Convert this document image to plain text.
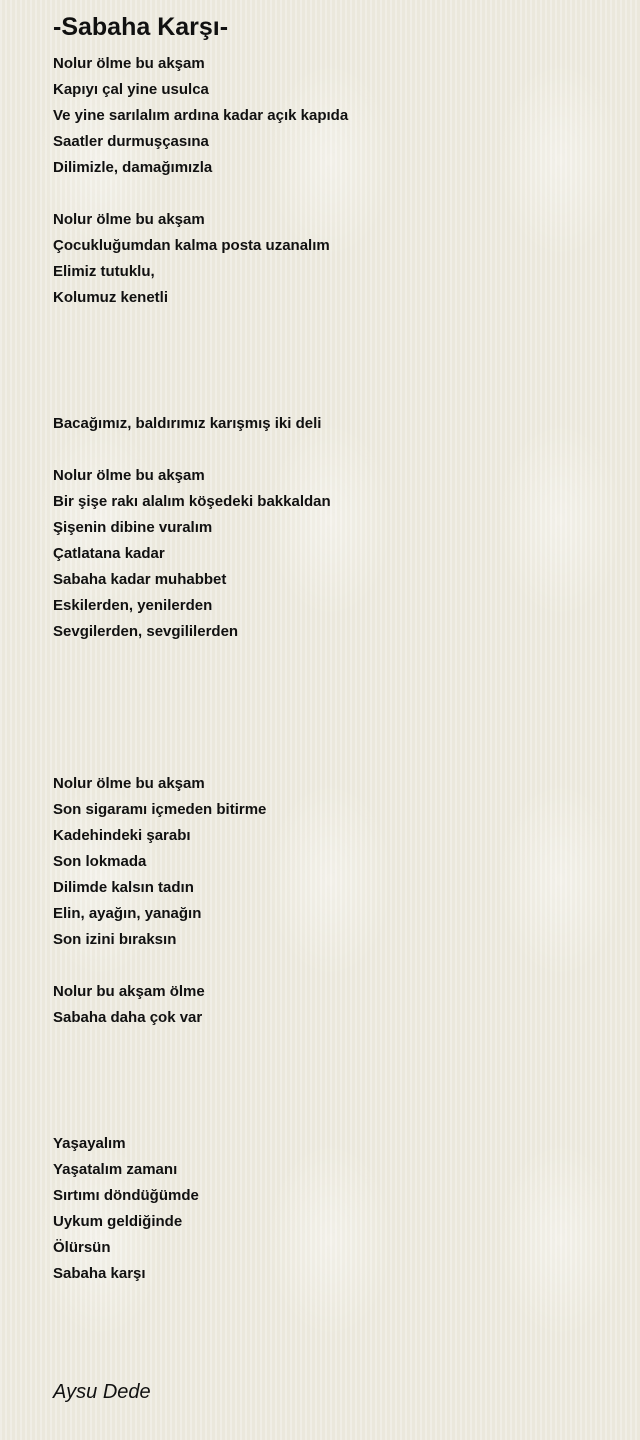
-Sabaha Karşı-
Nolur ölme bu akşam
Kapıyı çal yine usulca
Ve yine sarılalım ardına kadar açık kapıda
Saatler durmuşçasına
Dilimizle, damağımızla
Nolur ölme bu akşam
Çocukluğumdan kalma posta uzanalım
Elimiz tutuklu,
Kolumuz kenetli
Bacağımız, baldırımız karışmış iki deli
Nolur ölme bu akşam
Bir şişe rakı alalım köşedeki bakkaldan
Şişenin dibine vuralım
Çatlatana kadar
Sabaha kadar muhabbet
Eskilerden, yenilerden
Sevgilerden, sevgililerden
Nolur ölme bu akşam
Son sigaramı içmeden bitirme
Kadehindeki şarabı
Son lokmada
Dilimde kalsın tadın
Elin, ayağın, yanağın
Son izini bıraksın
Nolur bu akşam ölme
Sabaha daha çok var
Yaşayalım
Yaşatalım zamanı
Sırtımı döndüğümde
Uykum geldiğinde
Ölürsün
Sabaha karşı
Aysu Dede
